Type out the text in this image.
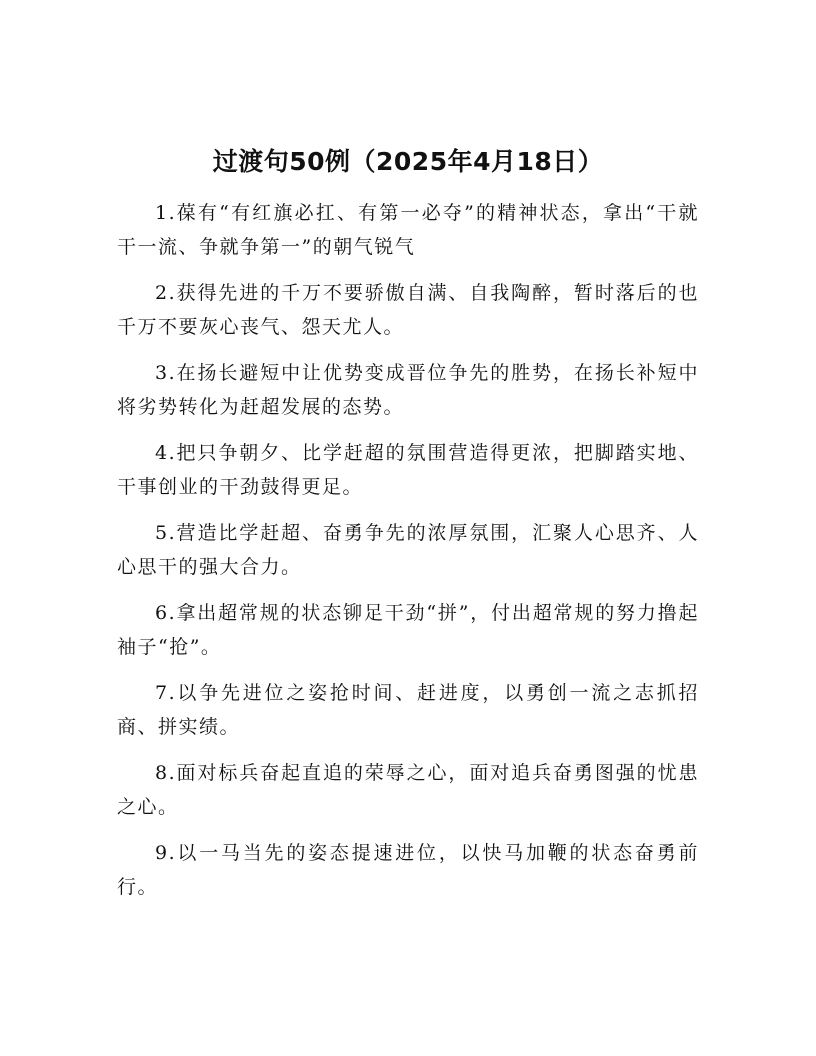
过渡句50例（2025年4月18日）

1.葆有“有红旗必扛、有第一必夺”的精神状态，拿出“干就干一流、争就争第一”的朝气锐气

2.获得先进的千万不要骄傲自满、自我陶醉，暂时落后的也千万不要灰心丧气、怨天尤人。

3.在扬长避短中让优势变成晋位争先的胜势，在扬长补短中将劣势转化为赶超发展的态势。

4.把只争朝夕、比学赶超的氛围营造得更浓，把脚踏实地、干事创业的干劲鼓得更足。

5.营造比学赶超、奋勇争先的浓厚氛围，汇聚人心思齐、人心思干的强大合力。

6.拿出超常规的状态铆足干劲“拼”，付出超常规的努力撸起袖子“抢”。

7.以争先进位之姿抢时间、赶进度，以勇创一流之志抓招商、拼实绩。

8.面对标兵奋起直追的荣辱之心，面对追兵奋勇图强的忧患之心。

9.以一马当先的姿态提速进位，以快马加鞭的状态奋勇前行。
